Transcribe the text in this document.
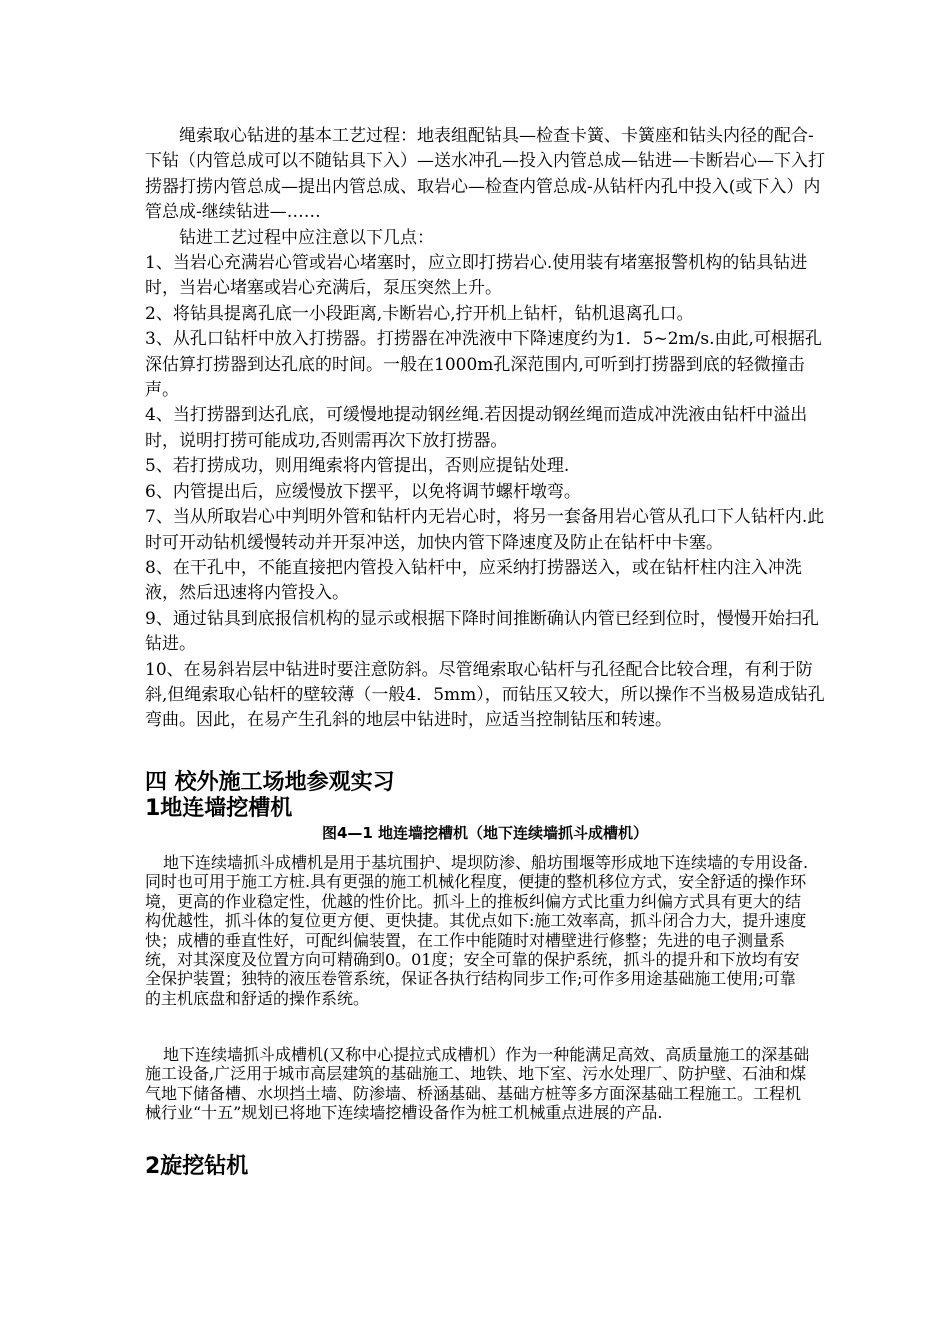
绳索取心钻进的基本工艺过程：地表组配钻具—检查卡簧、卡簧座和钻头内径的配合-下钻（内管总成可以不随钻具下入）—送水冲孔—投入内管总成—钻进—卡断岩心—下入打捞器打捞内管总成—提出内管总成、取岩心—检查内管总成-从钻杆内孔中投入(或下入）内管总成-继续钻进—……

钻进工艺过程中应注意以下几点：

1、当岩心充满岩心管或岩心堵塞时，应立即打捞岩心.使用装有堵塞报警机构的钻具钻进时，当岩心堵塞或岩心充满后，泵压突然上升。

2、将钻具提离孔底一小段距离,卡断岩心,拧开机上钻杆，钻机退离孔口。

3、从孔口钻杆中放入打捞器。打捞器在冲洗液中下降速度约为1．5~2m/s.由此,可根据孔深估算打捞器到达孔底的时间。一般在1000m孔深范围内,可听到打捞器到底的轻微撞击声。

4、当打捞器到达孔底，可缓慢地提动钢丝绳.若因提动钢丝绳而造成冲洗液由钻杆中溢出时，说明打捞可能成功,否则需再次下放打捞器。

5、若打捞成功，则用绳索将内管提出，否则应提钻处理.

6、内管提出后，应缓慢放下摆平，以免将调节螺杆墩弯。

7、当从所取岩心中判明外管和钻杆内无岩心时，将另一套备用岩心管从孔口下人钻杆内.此时可开动钻机缓慢转动并开泵冲送，加快内管下降速度及防止在钻杆中卡塞。

8、在干孔中，不能直接把内管投入钻杆中，应采纳打捞器送入，或在钻杆柱内注入冲洗液，然后迅速将内管投入。

9、通过钻具到底报信机构的显示或根据下降时间推断确认内管已经到位时，慢慢开始扫孔钻进。

10、在易斜岩层中钻进时要注意防斜。尽管绳索取心钻杆与孔径配合比较合理，有利于防斜,但绳索取心钻杆的壁较薄（一般4．5mm），而钻压又较大，所以操作不当极易造成钻孔弯曲。因此，在易产生孔斜的地层中钻进时，应适当控制钻压和转速。

四 校外施工场地参观实习
1地连墙挖槽机

图4—1 地连墙挖槽机（地下连续墙抓斗成槽机）

地下连续墙抓斗成槽机是用于基坑围护、堤坝防渗、船坊围堰等形成地下连续墙的专用设备.同时也可用于施工方桩.具有更强的施工机械化程度，便捷的整机移位方式，安全舒适的操作环境，更高的作业稳定性，优越的性价比。抓斗上的推板纠偏方式比重力纠偏方式具有更大的结构优越性，抓斗体的复位更方便、更快捷。其优点如下:施工效率高，抓斗闭合力大，提升速度快；成槽的垂直性好，可配纠偏装置，在工作中能随时对槽壁进行修整；先进的电子测量系统，对其深度及位置方向可精确到0。01度；安全可靠的保护系统，抓斗的提升和下放均有安全保护装置；独特的液压卷管系统，保证各执行结构同步工作;可作多用途基础施工使用;可靠的主机底盘和舒适的操作系统。

地下连续墙抓斗成槽机(又称中心提拉式成槽机）作为一种能满足高效、高质量施工的深基础施工设备,广泛用于城市高层建筑的基础施工、地铁、地下室、污水处理厂、防护壁、石油和煤气地下储备槽、水坝挡土墙、防渗墙、桥涵基础、基础方桩等多方面深基础工程施工。工程机械行业“十五”规划已将地下连续墙挖槽设备作为桩工机械重点进展的产品.

2旋挖钻机
